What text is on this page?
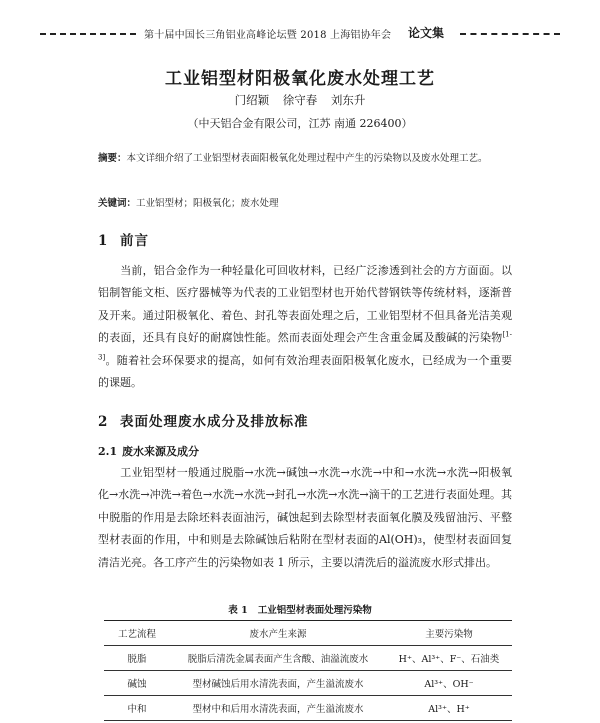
第十届中国长三角铝业高峰论坛暨 2018 上海铝协年会 论文集
工业铝型材阳极氧化废水处理工艺
门绍颖 徐守春 刘东升
（中天铝合金有限公司，江苏 南通 226400）
摘要：本文详细介绍了工业铝型材表面阳极氧化处理过程中产生的污染物以及废水处理工艺。
关键词：工业铝型材；阳极氧化；废水处理
1 前言

当前，铝合金作为一种轻量化可回收材料，已经广泛渗透到社会的方方面面。以铝制智能文柜、医疗器械等为代表的工业铝型材也开始代替钢铁等传统材料，逐渐普及开来。通过阳极氧化、着色、封孔等表面处理之后，工业铝型材不但具备光洁美观的表面，还具有良好的耐腐蚀性能。然而表面处理会产生含重金属及酸碱的污染物[1-3]。随着社会环保要求的提高，如何有效治理表面阳极氧化废水，已经成为一个重要的课题。

2 表面处理废水成分及排放标准
2.1 废水来源及成分

工业铝型材一般通过脱脂→水洗→碱蚀→水洗→水洗→中和→水洗→水洗→阳极氧化→水洗→冲洗→着色→水洗→水洗→封孔→水洗→水洗→滴干的工艺进行表面处理。其中脱脂的作用是去除坯料表面油污，碱蚀起到去除型材表面氧化膜及残留油污、平整型材表面的作用，中和则是去除碱蚀后粘附在型材表面的Al(OH)₃，使型材表面回复清洁光亮。各工序产生的污染物如表 1 所示，主要以清洗后的溢流废水形式排出。

表 1 工业铝型材表面处理污染物
工艺流程	废水产生来源	主要污染物
脱脂	脱脂后清洗金属表面产生含酸、油溢流废水	H⁺、Al³⁺、F⁻、石油类
碱蚀	型材碱蚀后用水清洗表面，产生溢流废水	Al³⁺、OH⁻
中和	型材中和后用水清洗表面，产生溢流废水	Al³⁺、H⁺
